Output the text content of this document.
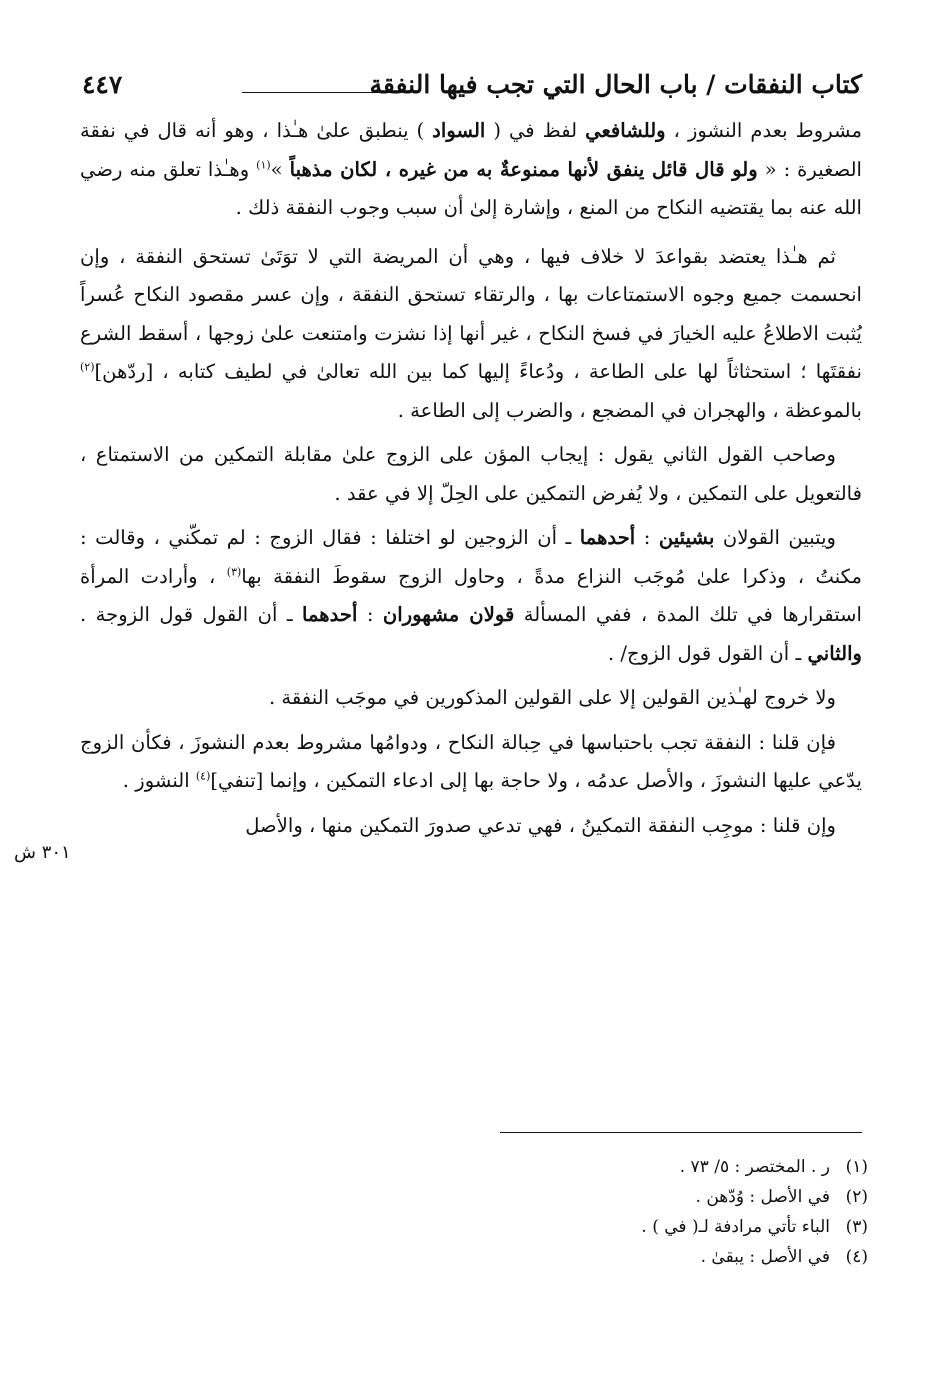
كتاب النفقات / باب الحال التي تجب فيها النفقة
٤٤٧

مشروط بعدم النشوز ، وللشافعي لفظ في ( السواد ) ينطبق علىٰ هـٰذا ، وهو أنه قال في نفقة الصغيرة : « ولو قال قائل ينفق لأنها ممنوعةٌ به من غيره ، لكان مذهباً »$^{(١)}$ وهـٰذا تعلق منه رضي الله عنه بما يقتضيه النكاح من المنع ، وإشارة إلىٰ أن سبب وجوب النفقة ذلك .

ثم هـٰذا يعتضد بقواعدَ لا خلاف فيها ، وهي أن المريضة التي لا توَتَىٰ تستحق النفقة ، وإن انحسمت جميع وجوه الاستمتاعات بها ، والرتقاء تستحق النفقة ، وإن عسر مقصود النكاح عُسراً يُثبت الاطلاعُ عليه الخيارَ في فسخ النكاح ، غير أنها إذا نشزت وامتنعت علىٰ زوجها ، أسقط الشرع نفقتَها ؛ استحثاثاً لها على الطاعة ، ودُعاءً إليها كما بين الله تعالىٰ في لطيف كتابه ، [ردّهن]$^{(٢)}$ بالموعظة ، والهجران في المضجع ، والضرب إلى الطاعة .

وصاحب القول الثاني يقول : إيجاب المؤن على الزوج علىٰ مقابلة التمكين من الاستمتاع ، فالتعويل على التمكين ، ولا يُفرض التمكين على الحِلّ إلا في عقد .

ويتبين القولان بشيئين : أحدهما ـ أن الزوجين لو اختلفا : فقال الزوج : لم تمكّني ، وقالت : مكنتُ ، وذكرا علىٰ مُوجَب النزاع مدةً ، وحاول الزوج سقوطَ النفقة بها$^{(٣)}$ ، وأرادت المرأة استقرارها في تلك المدة ، ففي المسألة قولان مشهوران : أحدهما ـ أن القول قول الزوجة . والثاني ـ أن القول قول الزوج/ .

ولا خروج لهـٰذين القولين إلا على القولين المذكورين في موجَب النفقة .

فإن قلنا : النفقة تجب باحتباسها في حِبالة النكاح ، ودوامُها مشروط بعدم النشوزَ ، فكأن الزوج يدّعي عليها النشوزَ ، والأصل عدمُه ، ولا حاجة بها إلى ادعاء التمكين ، وإنما [تنفي]$^{(٤)}$ النشوز .

وإن قلنا : موجِب النفقة التمكينُ ، فهي تدعي صدورَ التمكين منها ، والأصل

٣٠١ ش
(١)ر . المختصر : ٥/ ٧٣ .
(٢)في الأصل : وُدّهن .
(٣)الباء تأتي مرادفة لـ( في ) .
(٤)في الأصل : يبقىٰ .
